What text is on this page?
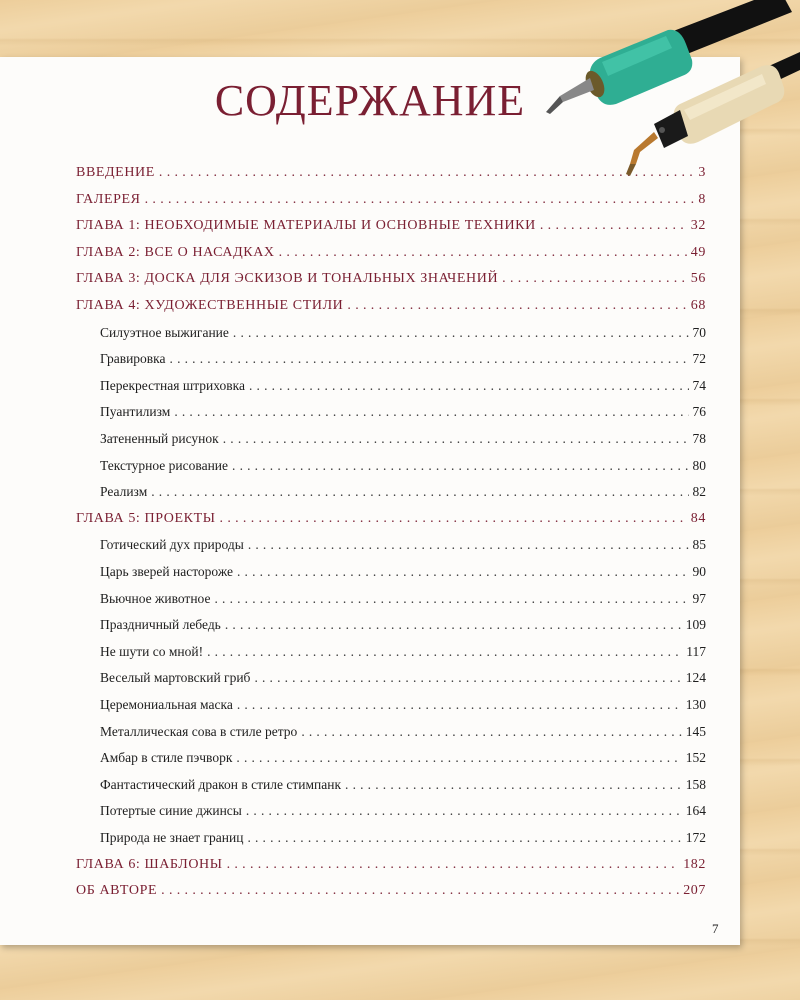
СОДЕРЖАНИЕ
ВВЕДЕНИЕ . . .	3
ГАЛЕРЕЯ . . .	8
ГЛАВА 1: НЕОБХОДИМЫЕ МАТЕРИАЛЫ И ОСНОВНЫЕ ТЕХНИКИ . . .	32
ГЛАВА 2: ВСЕ О НАСАДКАХ . . .	49
ГЛАВА 3: ДОСКА ДЛЯ ЭСКИЗОВ И ТОНАЛЬНЫХ ЗНАЧЕНИЙ . . .	56
ГЛАВА 4: ХУДОЖЕСТВЕННЫЕ СТИЛИ . . .	68
Силуэтное выжигание . . .	70
Гравировка . . .	72
Перекрестная штриховка . . .	74
Пуантилизм . . .	76
Затененный рисунок . . .	78
Текстурное рисование . . .	80
Реализм . . .	82
ГЛАВА 5: ПРОЕКТЫ . . .	84
Готический дух природы . . .	85
Царь зверей настороже . . .	90
Вьючное животное . . .	97
Праздничный лебедь . . .	109
Не шути со мной! . . .	117
Веселый мартовский гриб . . .	124
Церемониальная маска . . .	130
Металлическая сова в стиле ретро . . .	145
Амбар в стиле пэчворк . . .	152
Фантастический дракон в стиле стимпанк . . .	158
Потертые синие джинсы . . .	164
Природа не знает границ . . .	172
ГЛАВА 6: ШАБЛОНЫ . . .	182
ОБ АВТОРЕ . . .	207
7
